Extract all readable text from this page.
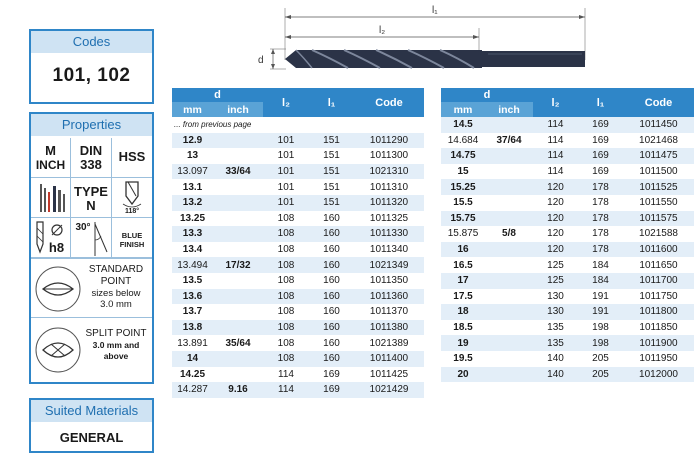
Codes
101, 102
Properties
M
INCH
DIN
338
HSS
TYPE
N	118°
h8
30°
BLUE
FINISH
STANDARD
POINT
sizes below
3.0 mm
SPLIT POINT
3.0 mm and
above
Suited Materials
GENERAL
l₁
l₂
d
d		l₂	l₁	Code
mm	inch			
... from previous page				
12.9		101	151	1011290
13		101	151	1011300
13.097	33/64	101	151	1021310
13.1		101	151	1011310
13.2		101	151	1011320
13.25		108	160	1011325
13.3		108	160	1011330
13.4		108	160	1011340
13.494	17/32	108	160	1021349
13.5		108	160	1011350
13.6		108	160	1011360
13.7		108	160	1011370
13.8		108	160	1011380
13.891	35/64	108	160	1021389
14		108	160	1011400
14.25		114	169	1011425
14.287	9.16	114	169	1021429
d		l₂	l₁	Code
mm	inch			
14.5		114	169	1011450
14.684	37/64	114	169	1021468
14.75		114	169	1011475
15		114	169	1011500
15.25		120	178	1011525
15.5		120	178	1011550
15.75		120	178	1011575
15.875	5/8	120	178	1021588
16		120	178	1011600
16.5		125	184	1011650
17		125	184	1011700
17.5		130	191	1011750
18		130	191	1011800
18.5		135	198	1011850
19		135	198	1011900
19.5		140	205	1011950
20		140	205	1012000
